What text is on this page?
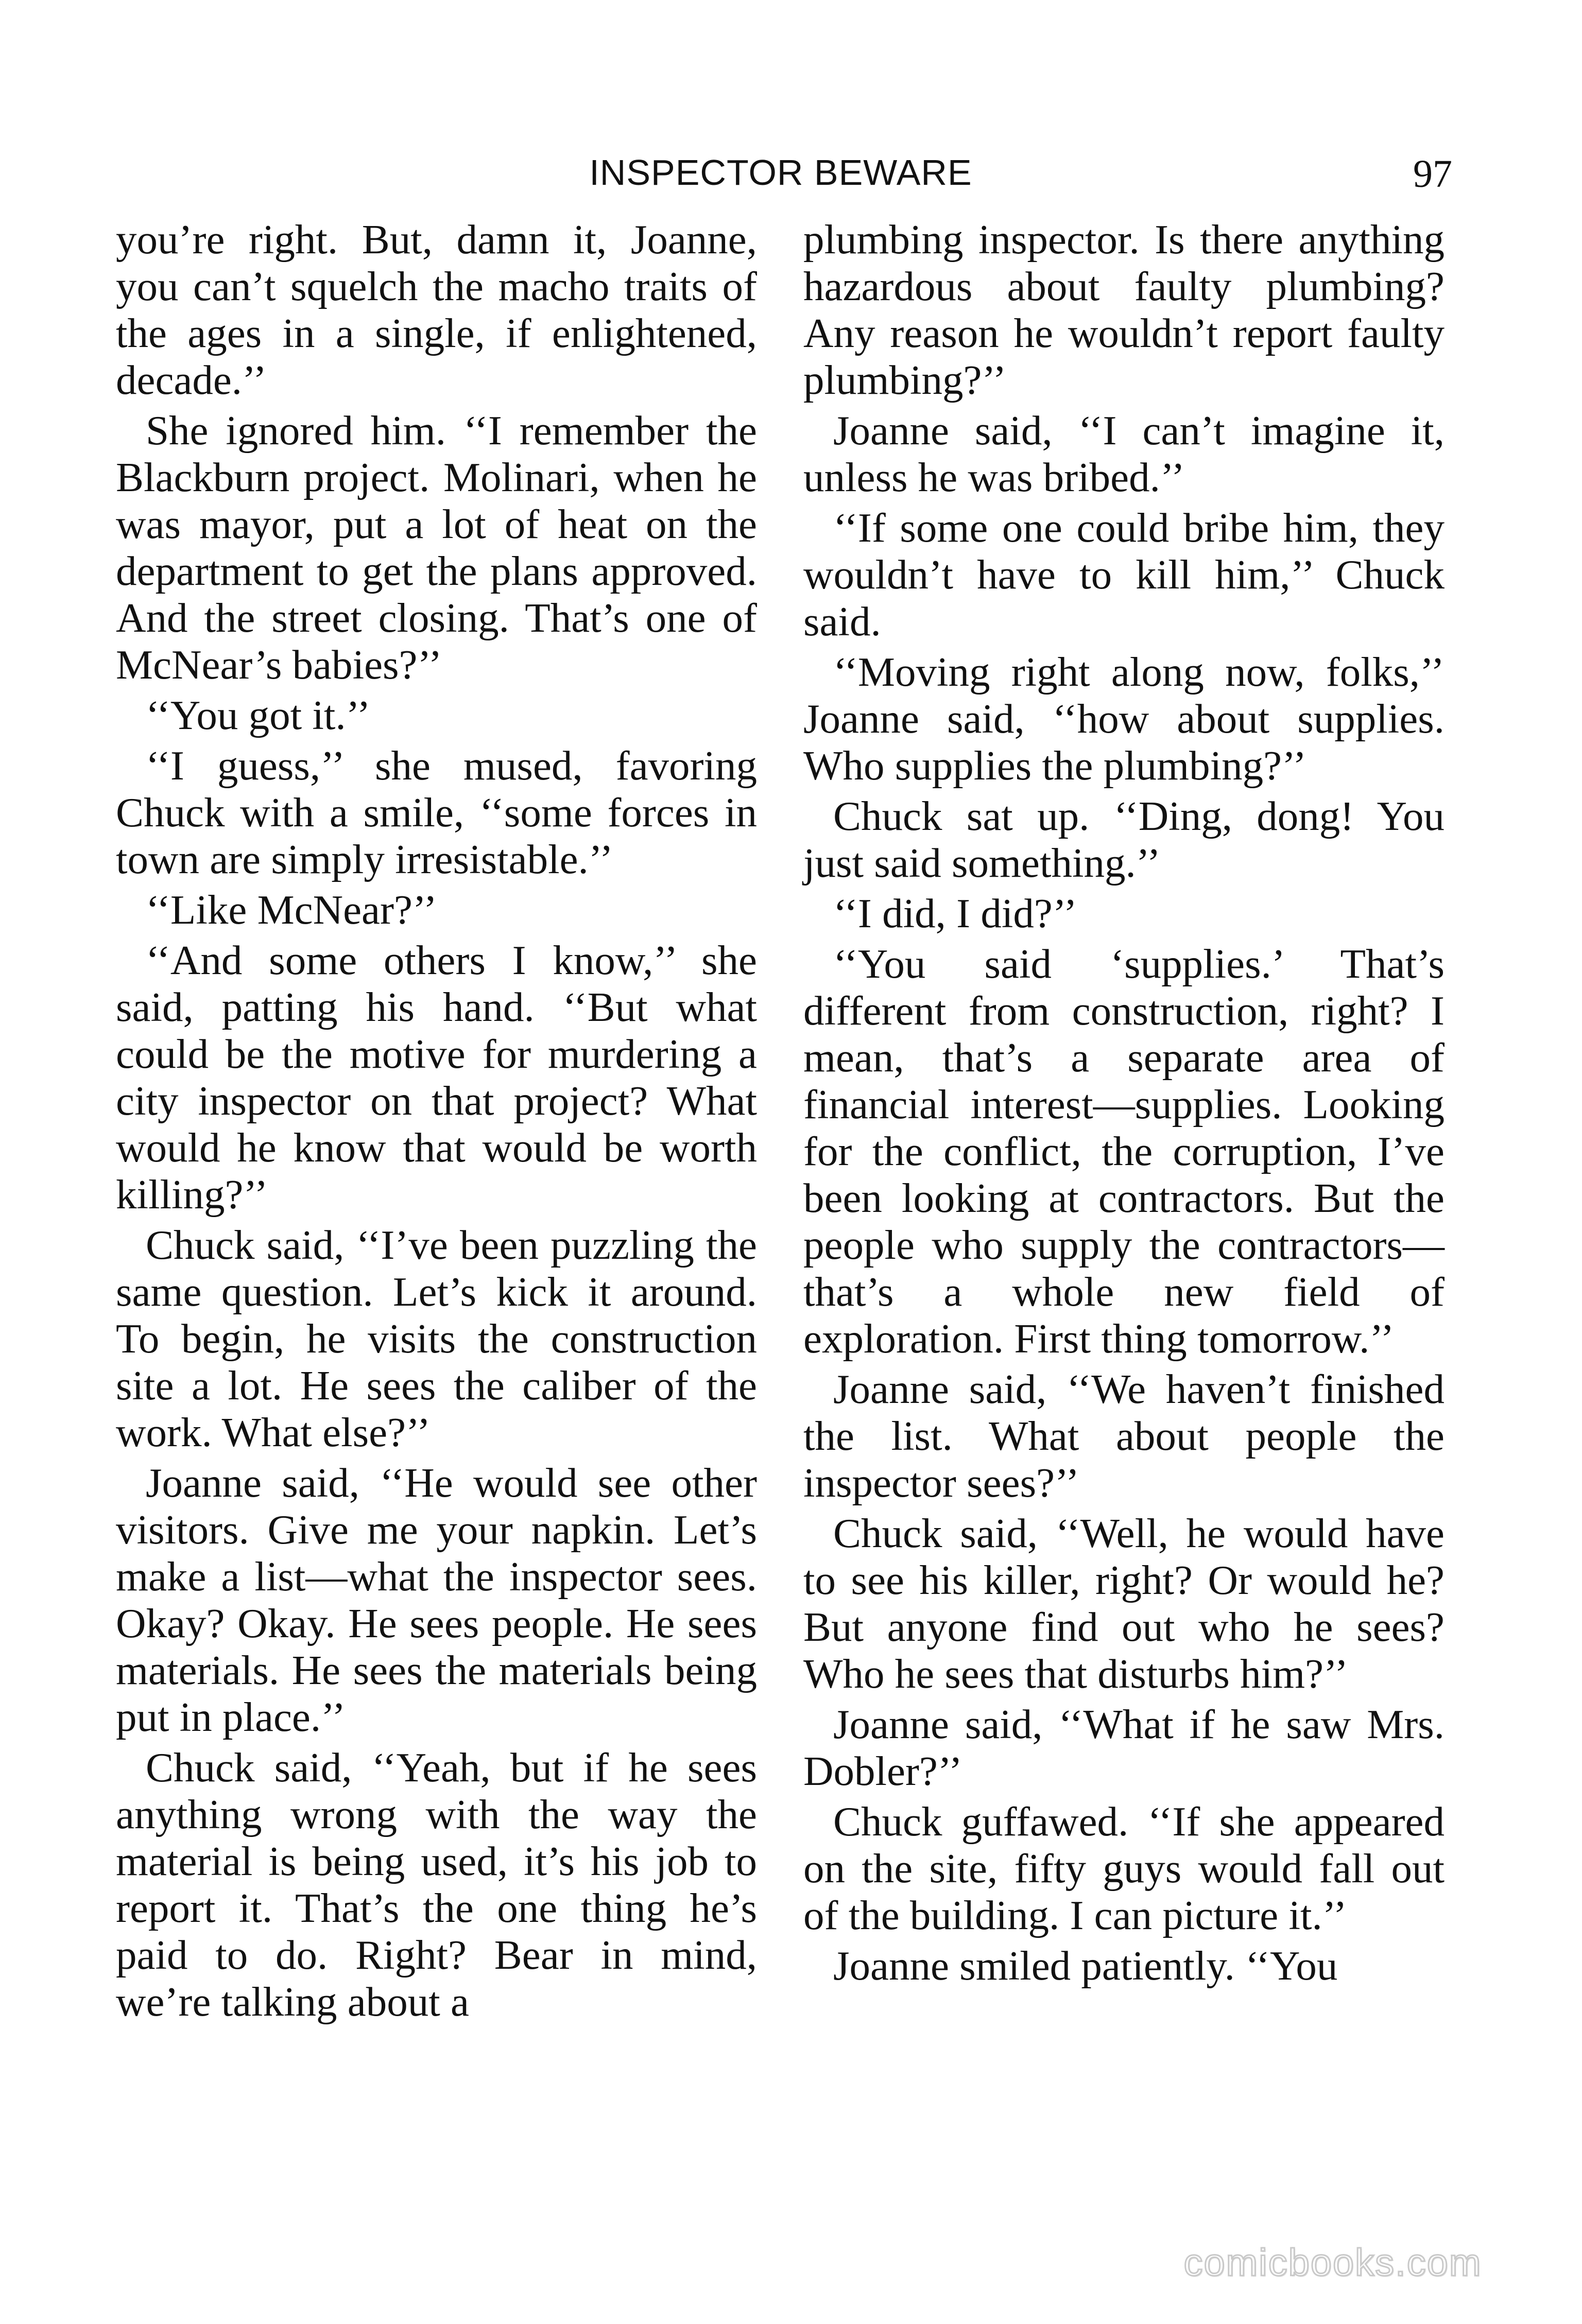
INSPECTOR BEWARE	97

you’re right. But, damn it, Joanne, you can’t squelch the macho traits of the ages in a single, if enlightened, decade.’’

She ignored him. ‘‘I remember the Blackburn project. Molinari, when he was mayor, put a lot of heat on the department to get the plans approved. And the street closing. That’s one of McNear’s babies?’’

‘‘You got it.’’

‘‘I guess,’’ she mused, favoring Chuck with a smile, ‘‘some forces in town are simply irresistable.’’

‘‘Like McNear?’’

‘‘And some others I know,’’ she said, patting his hand. ‘‘But what could be the motive for murdering a city inspector on that project? What would he know that would be worth killing?’’

Chuck said, ‘‘I’ve been puzzling the same question. Let’s kick it around. To begin, he visits the construction site a lot. He sees the caliber of the work. What else?’’

Joanne said, ‘‘He would see other visitors. Give me your napkin. Let’s make a list—what the inspector sees. Okay? Okay. He sees people. He sees materials. He sees the materials being put in place.’’

Chuck said, ‘‘Yeah, but if he sees anything wrong with the way the material is being used, it’s his job to report it. That’s the one thing he’s paid to do. Right? Bear in mind, we’re talking about a

plumbing inspector. Is there anything hazardous about faulty plumbing? Any reason he wouldn’t report faulty plumbing?’’

Joanne said, ‘‘I can’t imagine it, unless he was bribed.’’

‘‘If some one could bribe him, they wouldn’t have to kill him,’’ Chuck said.

‘‘Moving right along now, folks,’’ Joanne said, ‘‘how about supplies. Who supplies the plumbing?’’

Chuck sat up. ‘‘Ding, dong! You just said something.’’

‘‘I did, I did?’’

‘‘You said ‘supplies.’ That’s different from construction, right? I mean, that’s a separate area of financial interest—supplies. Looking for the conflict, the corruption, I’ve been looking at contractors. But the people who supply the contractors—that’s a whole new field of exploration. First thing tomorrow.’’

Joanne said, ‘‘We haven’t finished the list. What about people the inspector sees?’’

Chuck said, ‘‘Well, he would have to see his killer, right? Or would he? But anyone find out who he sees? Who he sees that disturbs him?’’

Joanne said, ‘‘What if he saw Mrs. Dobler?’’

Chuck guffawed. ‘‘If she appeared on the site, fifty guys would fall out of the building. I can picture it.’’

Joanne smiled patiently. ‘‘You

comicbooks.com
